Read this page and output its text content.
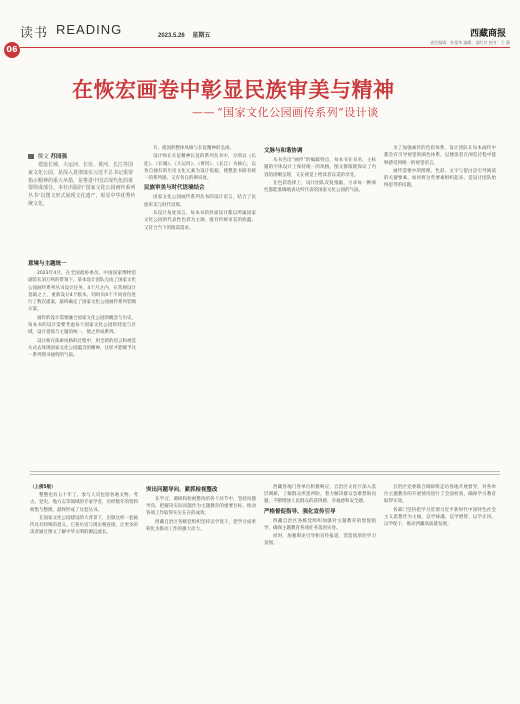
读书 READING
06
2023.5.26 星期五	西藏商报
责任编辑：杜俊华 编辑：邵红芳 校对：王 静
在恢宏画卷中彰显民族审美与精神
—— “国家文化公园画传系列”设计谈
撰文 苏园强

建设长城、大运河、长征、黄河、长江等国家文化公园，是深入贯彻落实习近平总书记重要指示精神的重大举措，是推进中国式现代化的重要组成部分。本社出版的“国家文化公园画传系列丛书”以图文形式展现文化遗产，彰显中华优秀传统文化。

意境与主题统一

2023年4月，在全国政协委员、中国国家博物馆副馆长刘万鸣的带领下，某本设计团队完成了国家文化公园画传系列丛书设计任务。4个月之内，在常规设计基础之上，重新设计4个版本，同时向4个不同省份进行了数次提案，最终确定了国家文化公园画传系列装帧方案。

画传的设计需要融合国家文化公园的概念与历史，每本书的设计需要考虑每个国家文化公园的特征与区域，设计意境与主题的统一，使之形成系列。

设计师在探索风格的过程中，用全新的语言和视觉方式去体现国家文化公园蕴含的精神，这样才能赋予这一系列图书独特的气质。

升，使国的整体风格与长征精神的弘扬。

设计师在长征精神长征的系列丛书中，分别以《长征》、《长城》、《大运河》、《黄河》、《长江》为核心，以各自独有的历史文化元素为设计依据，使整套书既有统一的系列感，又有各自的辨识度。

民族审美与时代语境结合

国家文化公园画传系列丛书的设计语言，结合了民族审美与时代语境。

从设计角度而言，每本书的封面设计都以所属国家文化公园的代表性色彩为主调，既有传统审美的底蕴，又符合当下的阅读需求。

文脉与和谐协调

从书名出“画传”的编辑特点，每本书在书名、主标题的字体设计上保持统一的风格，图文排版既保证了内容的清晰呈现，又在视觉上给读者以美的享受。

在色彩选择上，设计团队反复推敲，力求每一种颜色都能准确地表达所代表的国家文化公园的气质。

为了加强画传的色彩体系，设计团队在每本画传中都会有引导视觉的颜色体系，以便读者在浏览过程中能够感受到统一的视觉语言。

画传需要中的图像、色彩、文字与留白是引导阅读的关键要素，如何将这些要素组织起来，是设计团队始终思考的问题。

（上接5版）

整整也有五十年了，参与人员包括各地文物、考古、党史、地方志等领域的专家学者，历经数年的资料收集与整理，最终形成了这套丛书。

在国家文化公园建设的大背景下，出版这样一套画传具有特殊的意义。它将历史与现实相连接，让更多的读者通过图文了解中华文明的源远流长。

突出问题导向、紧抓检视整改

在学习、调研和检视整改的各个环节中，坚持问题导向，把解决实际问题作为主题教育的重要目标，推动各项工作取得实实在在的成效。

西藏自治区各级党组织坚持以学促干，把学习成果转化为推动工作的强大动力。

西藏各地门各单位积极响应，自治区文化厅深入基层调研，了解群众所思所盼，着力解决群众急难愁盼问题，不断增强人民群众的获得感、幸福感和安全感。

严格督促指导、强化宣传引导

西藏自治区各级党组织加强对主题教育的督促指导，确保主题教育各项任务落到实处。

同时，加强舆论引导和宣传报道，营造浓厚的学习氛围。

自治区党委联合调研组走访各地开展督导，对各单位主题教育的开展情况进行了全面检查，确保学习教育取得实效。

各部门坚持把学习贯彻习近平新时代中国特色社会主义思想作为主线，以学铸魂、以学增智、以学正风、以学促干，推动西藏高质量发展。
